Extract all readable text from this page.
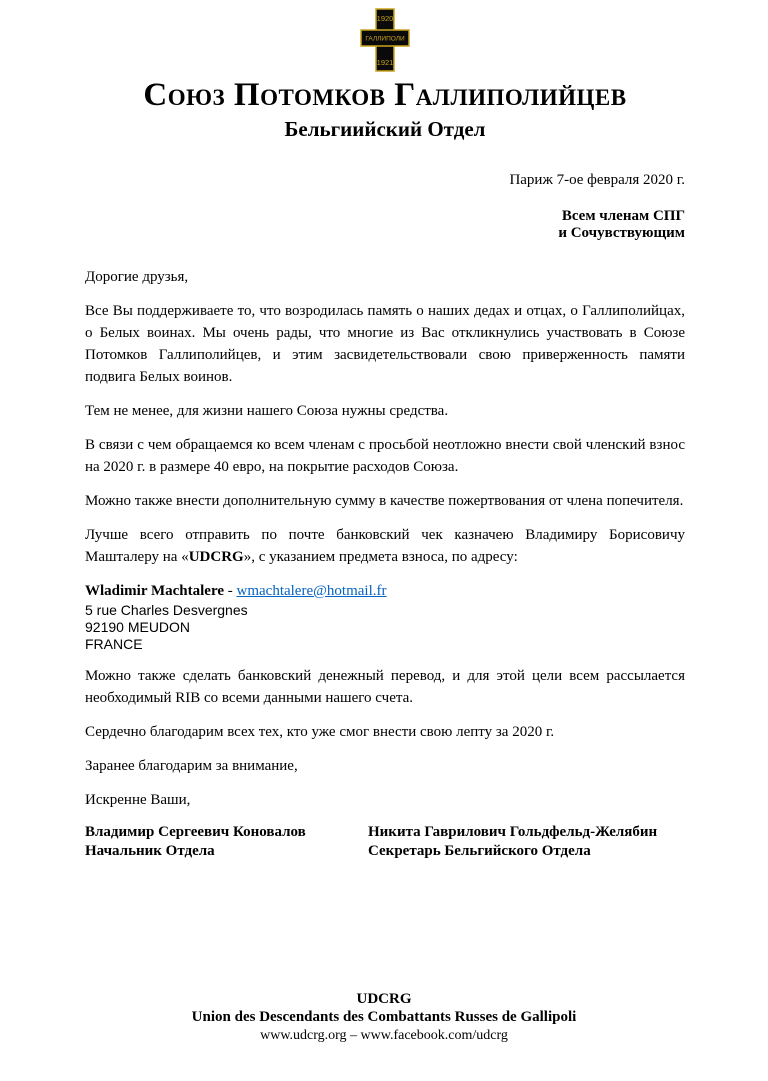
1920
ГАЛЛИПОЛИ
1921
Союз Потомков Галлиполийцев
Бельгиийский Отдел
Париж 7-ое февраля 2020 г.
Всем членам СПГ
и Сочувствующим

Дорогие друзья,

Все Вы поддерживаете то, что возродилась память о наших дедах и отцах, о Галлиполийцах, о Белых воинах. Мы очень рады, что многие из Вас откликнулись участвовать в Союзе Потомков Галлиполийцев, и этим засвидетельствовали свою приверженность памяти подвига Белых воинов.

Тем не менее, для жизни нашего Союза нужны средства.

В связи с чем обращаемся ко всем членам с просьбой неотложно внести свой членский взнос на 2020 г. в размере 40 евро, на покрытие расходов Союза.

Можно также внести дополнительную сумму в качестве пожертвования от члена попечителя.

Лучше всего отправить по почте банковский чек казначею Владимиру Борисовичу Машталеру на «UDCRG», с указанием предмета взноса, по адресу:

Wladimir Machtalere - wmachtalere@hotmail.fr
5 rue Charles Desvergnes
92190 MEUDON
FRANCE

Можно также сделать банковский денежный перевод, и для этой цели всем рассылается необходимый RIB со всеми данными нашего счета.

Сердечно благодарим всех тех, кто уже смог внести свою лепту за 2020 г.

Заранее благодарим за внимание,

Искренне Ваши,

Владимир Сергеевич Коновалов
Начальник Отдела
Никита Гаврилович Гольдфельд-Желябин
Секретарь Бельгийского Отдела
UDCRG
Union des Descendants des Combattants Russes de Gallipoli
www.udcrg.org – www.facebook.com/udcrg
